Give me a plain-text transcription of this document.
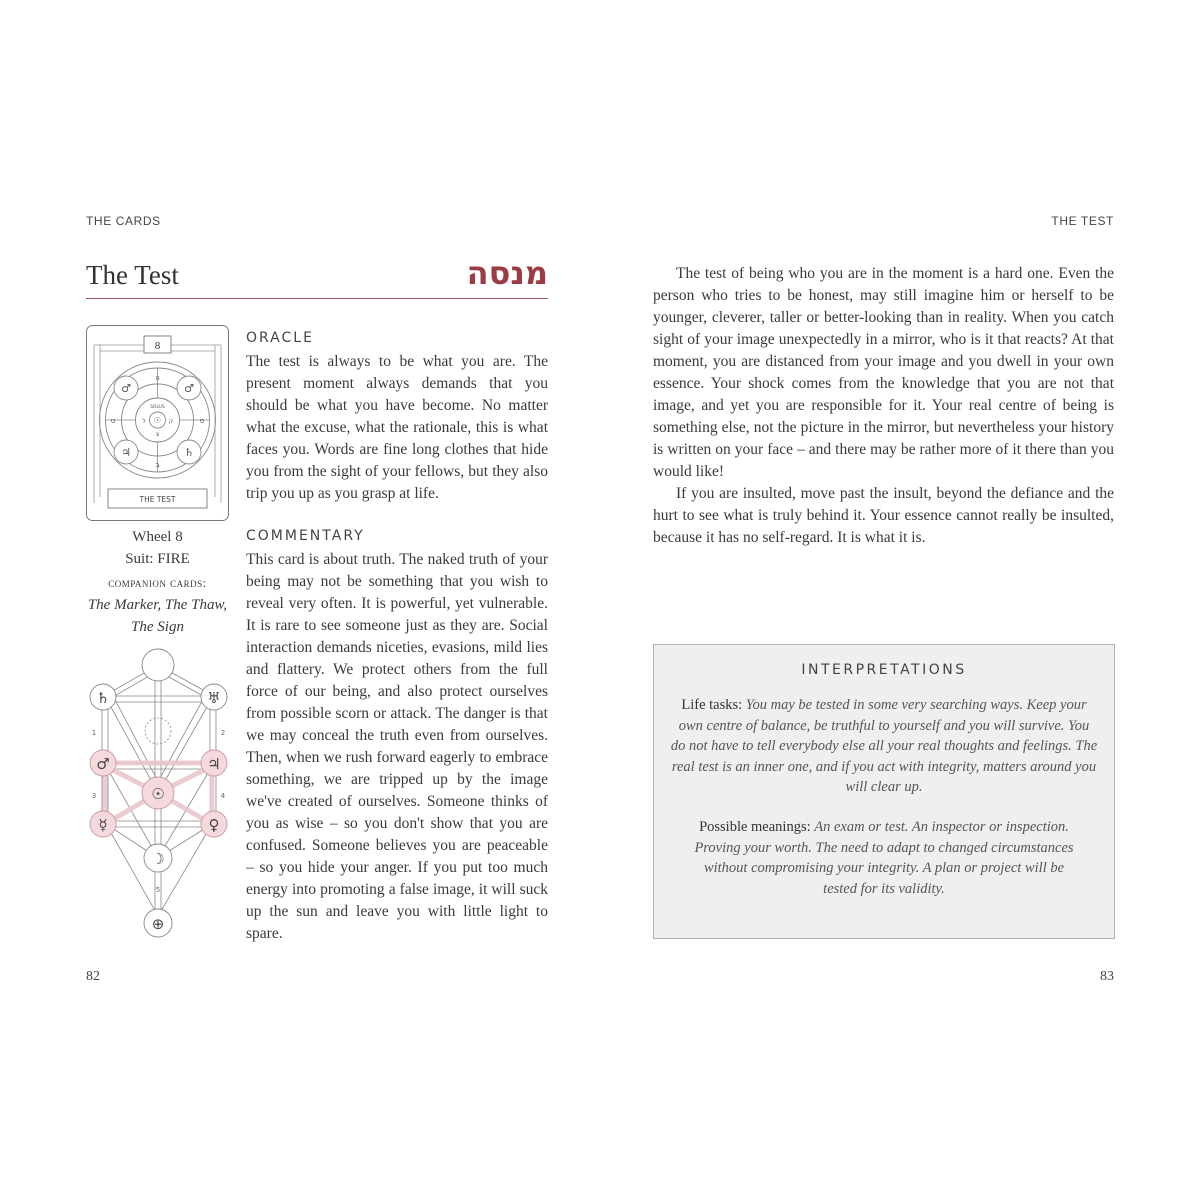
THE CARDS
The Test	מנסה
8
♂	♂
♃	♄
ה
ב
ט	ס
SOLUS
ל	ק
צ
☉
THE TEST
Wheel 8
Suit: FIRE
companion cards:
The Marker, The Thaw, The Sign
♄	♅
♂	♃
☉
☿	♀
☽
⊕
1	2
3	4
5
ORACLE
The test is always to be what you are. The present moment always demands that you should be what you have become. No matter what the excuse, what the rationale, this is what faces you. Words are fine long clothes that hide you from the sight of your fellows, but they also trip you up as you grasp at life.
COMMENTARY
This card is about truth. The naked truth of your being may not be something that you wish to reveal very often. It is powerful, yet vulnerable. It is rare to see someone just as they are. Social interaction demands niceties, evasions, mild lies and flattery. We protect others from the full force of our being, and also protect ourselves from possible scorn or attack. The danger is that we may conceal the truth even from ourselves. Then, when we rush forward eagerly to embrace something, we are tripped up by the image we've created of ourselves. Someone thinks of you as wise – so you don't show that you are confused. Someone believes you are peaceable – so you hide your anger. If you put too much energy into promoting a false image, it will suck up the sun and leave you with little light to spare.
82
THE TEST
The test of being who you are in the moment is a hard one. Even the person who tries to be honest, may still imagine him or herself to be younger, cleverer, taller or better-looking than in reality. When you catch sight of your image unexpectedly in a mirror, who is it that reacts? At that moment, you are distanced from your image and you dwell in your own essence. Your shock comes from the knowledge that you are not that image, and yet you are responsible for it. Your real centre of being is something else, not the picture in the mirror, but nevertheless your history is written on your face – and there may be rather more of it there than you would like!
If you are insulted, move past the insult, beyond the defiance and the hurt to see what is truly behind it. Your essence cannot really be insulted, because it has no self-regard. It is what it is.
INTERPRETATIONS
Life tasks: You may be tested in some very searching ways. Keep your own centre of balance, be truthful to yourself and you will survive. You do not have to tell everybody else all your real thoughts and feelings. The real test is an inner one, and if you act with integrity, matters around you will clear up.
Possible meanings: An exam or test. An inspector or inspection. Proving your worth. The need to adapt to changed circumstances without compromising your integrity. A plan or project will be tested for its validity.
83
